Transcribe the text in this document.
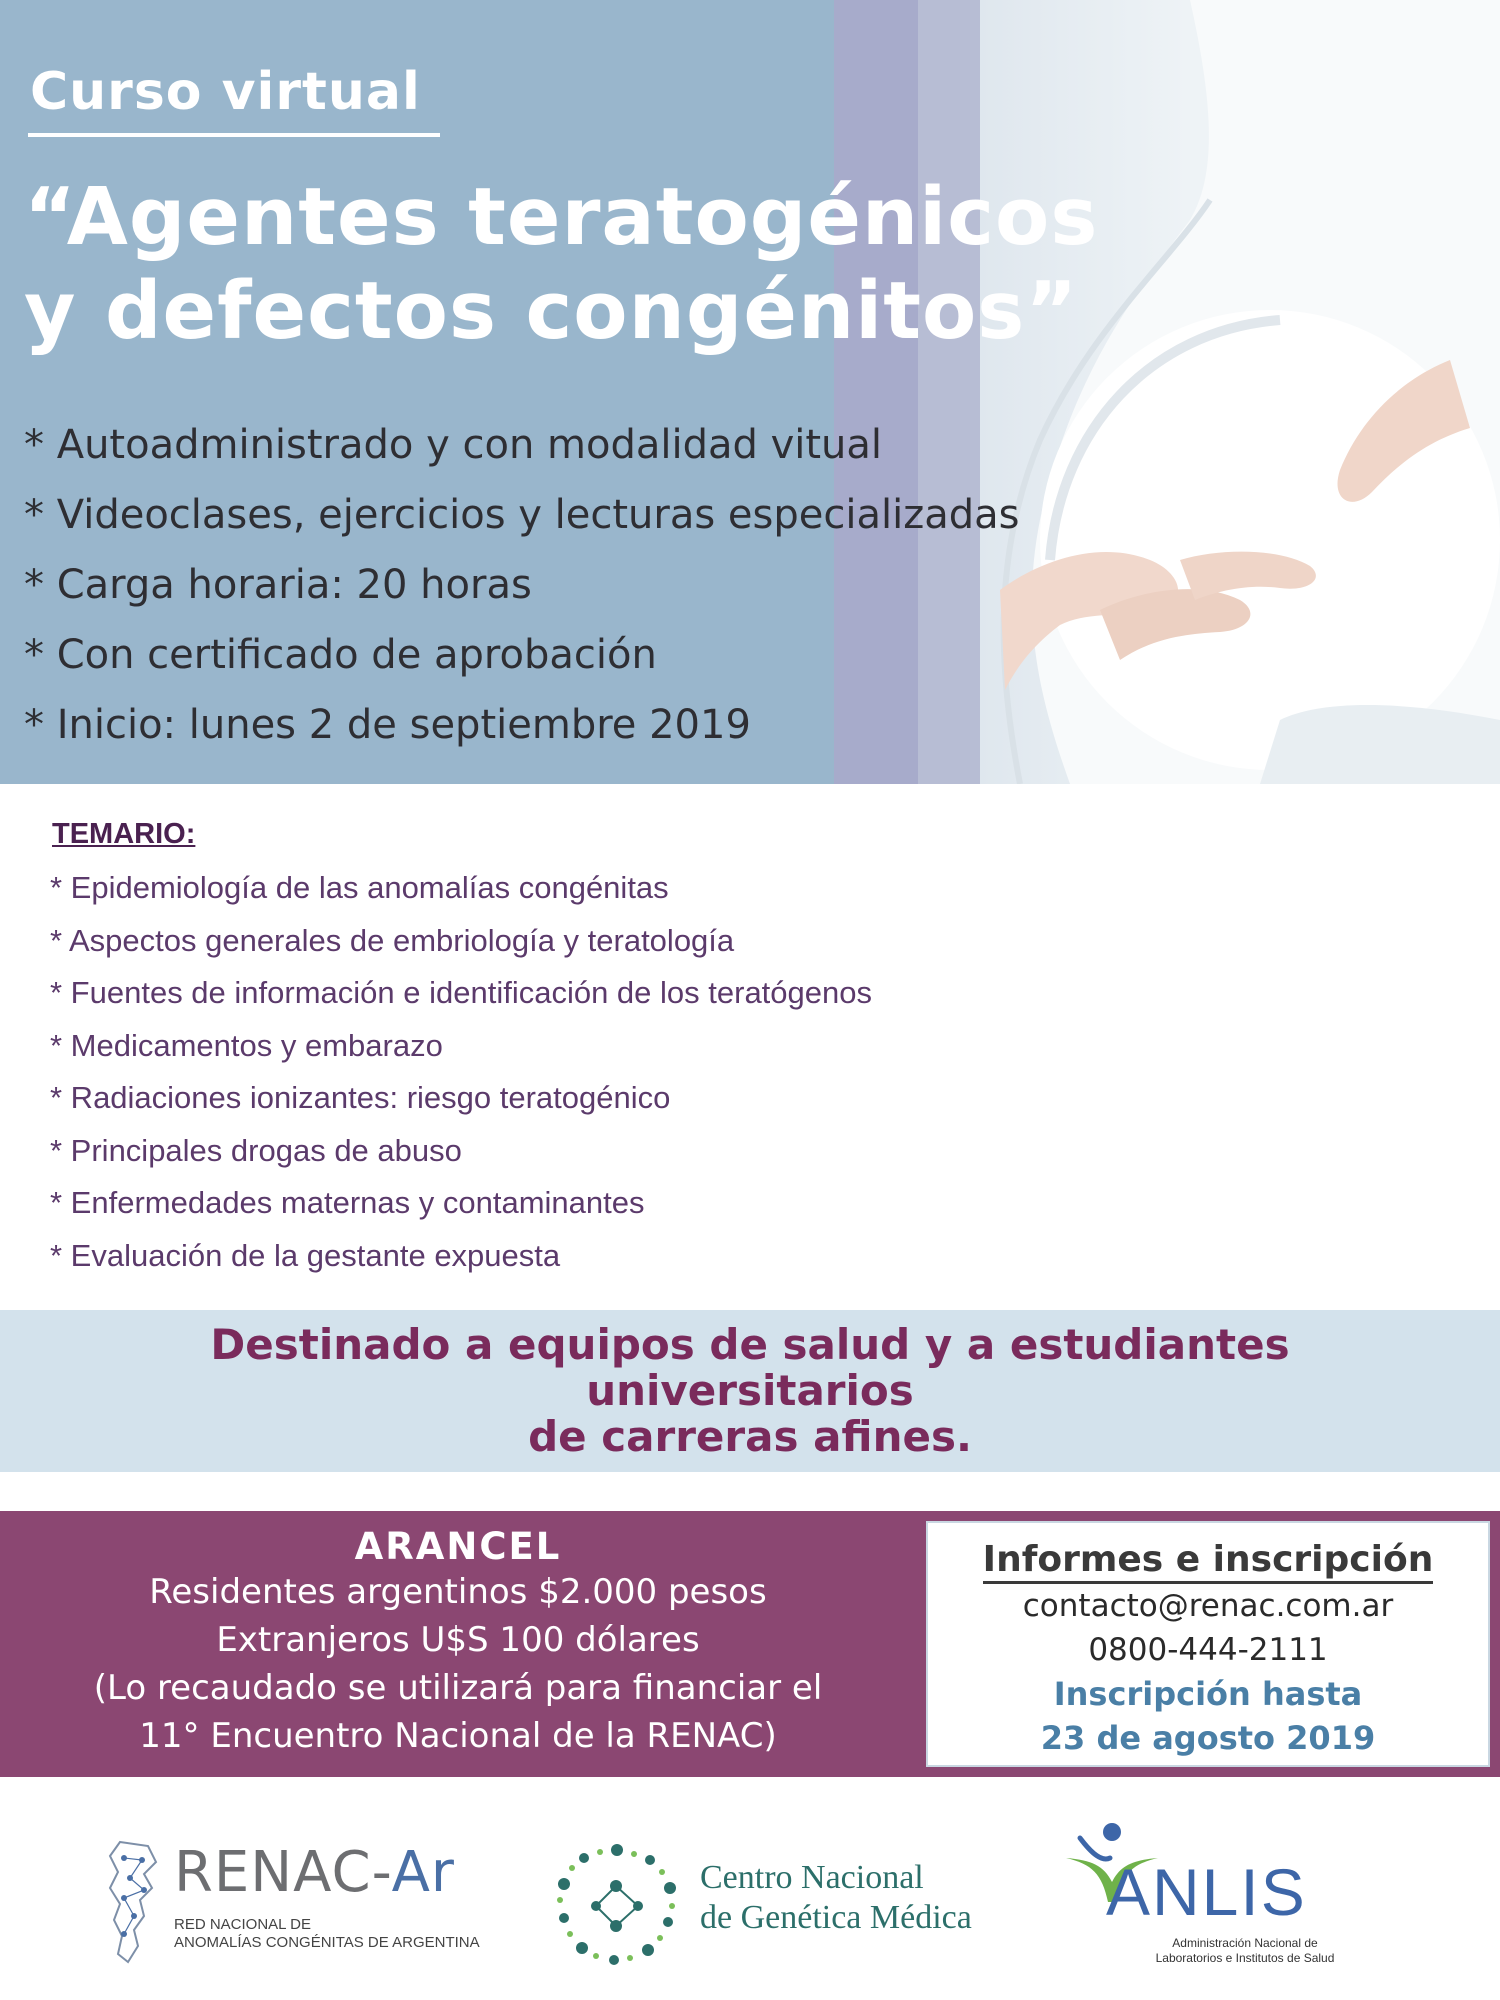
Curso virtual
“Agentes teratogénicos
y defectos congénitos”
* Autoadministrado y con modalidad vitual
* Videoclases, ejercicios y lecturas especializadas
* Carga horaria: 20 horas
* Con certificado de aprobación
* Inicio: lunes 2 de septiembre 2019
TEMARIO:
* Epidemiología de las anomalías congénitas
* Aspectos generales de embriología y teratología
* Fuentes de información e identificación de los teratógenos
* Medicamentos y embarazo
* Radiaciones ionizantes: riesgo teratogénico
* Principales drogas de abuso
* Enfermedades maternas y contaminantes
* Evaluación de la gestante expuesta

Destinado a equipos de salud y a estudiantes universitarios
de carreras afines.

ARANCEL
Residentes argentinos $2.000 pesos
Extranjeros U$S 100 dólares
(Lo recaudado se utilizará para financiar el
11° Encuentro Nacional de la RENAC)
Informes e inscripción
contacto@renac.com.ar
0800-444-2111
Inscripción hasta
23 de agosto 2019
RENAC-Ar
RED NACIONAL DE
ANOMALÍAS CONGÉNITAS DE ARGENTINA
Centro Nacional
de Genética Médica ANLIS
Administración Nacional de
Laboratorios e Institutos de Salud
